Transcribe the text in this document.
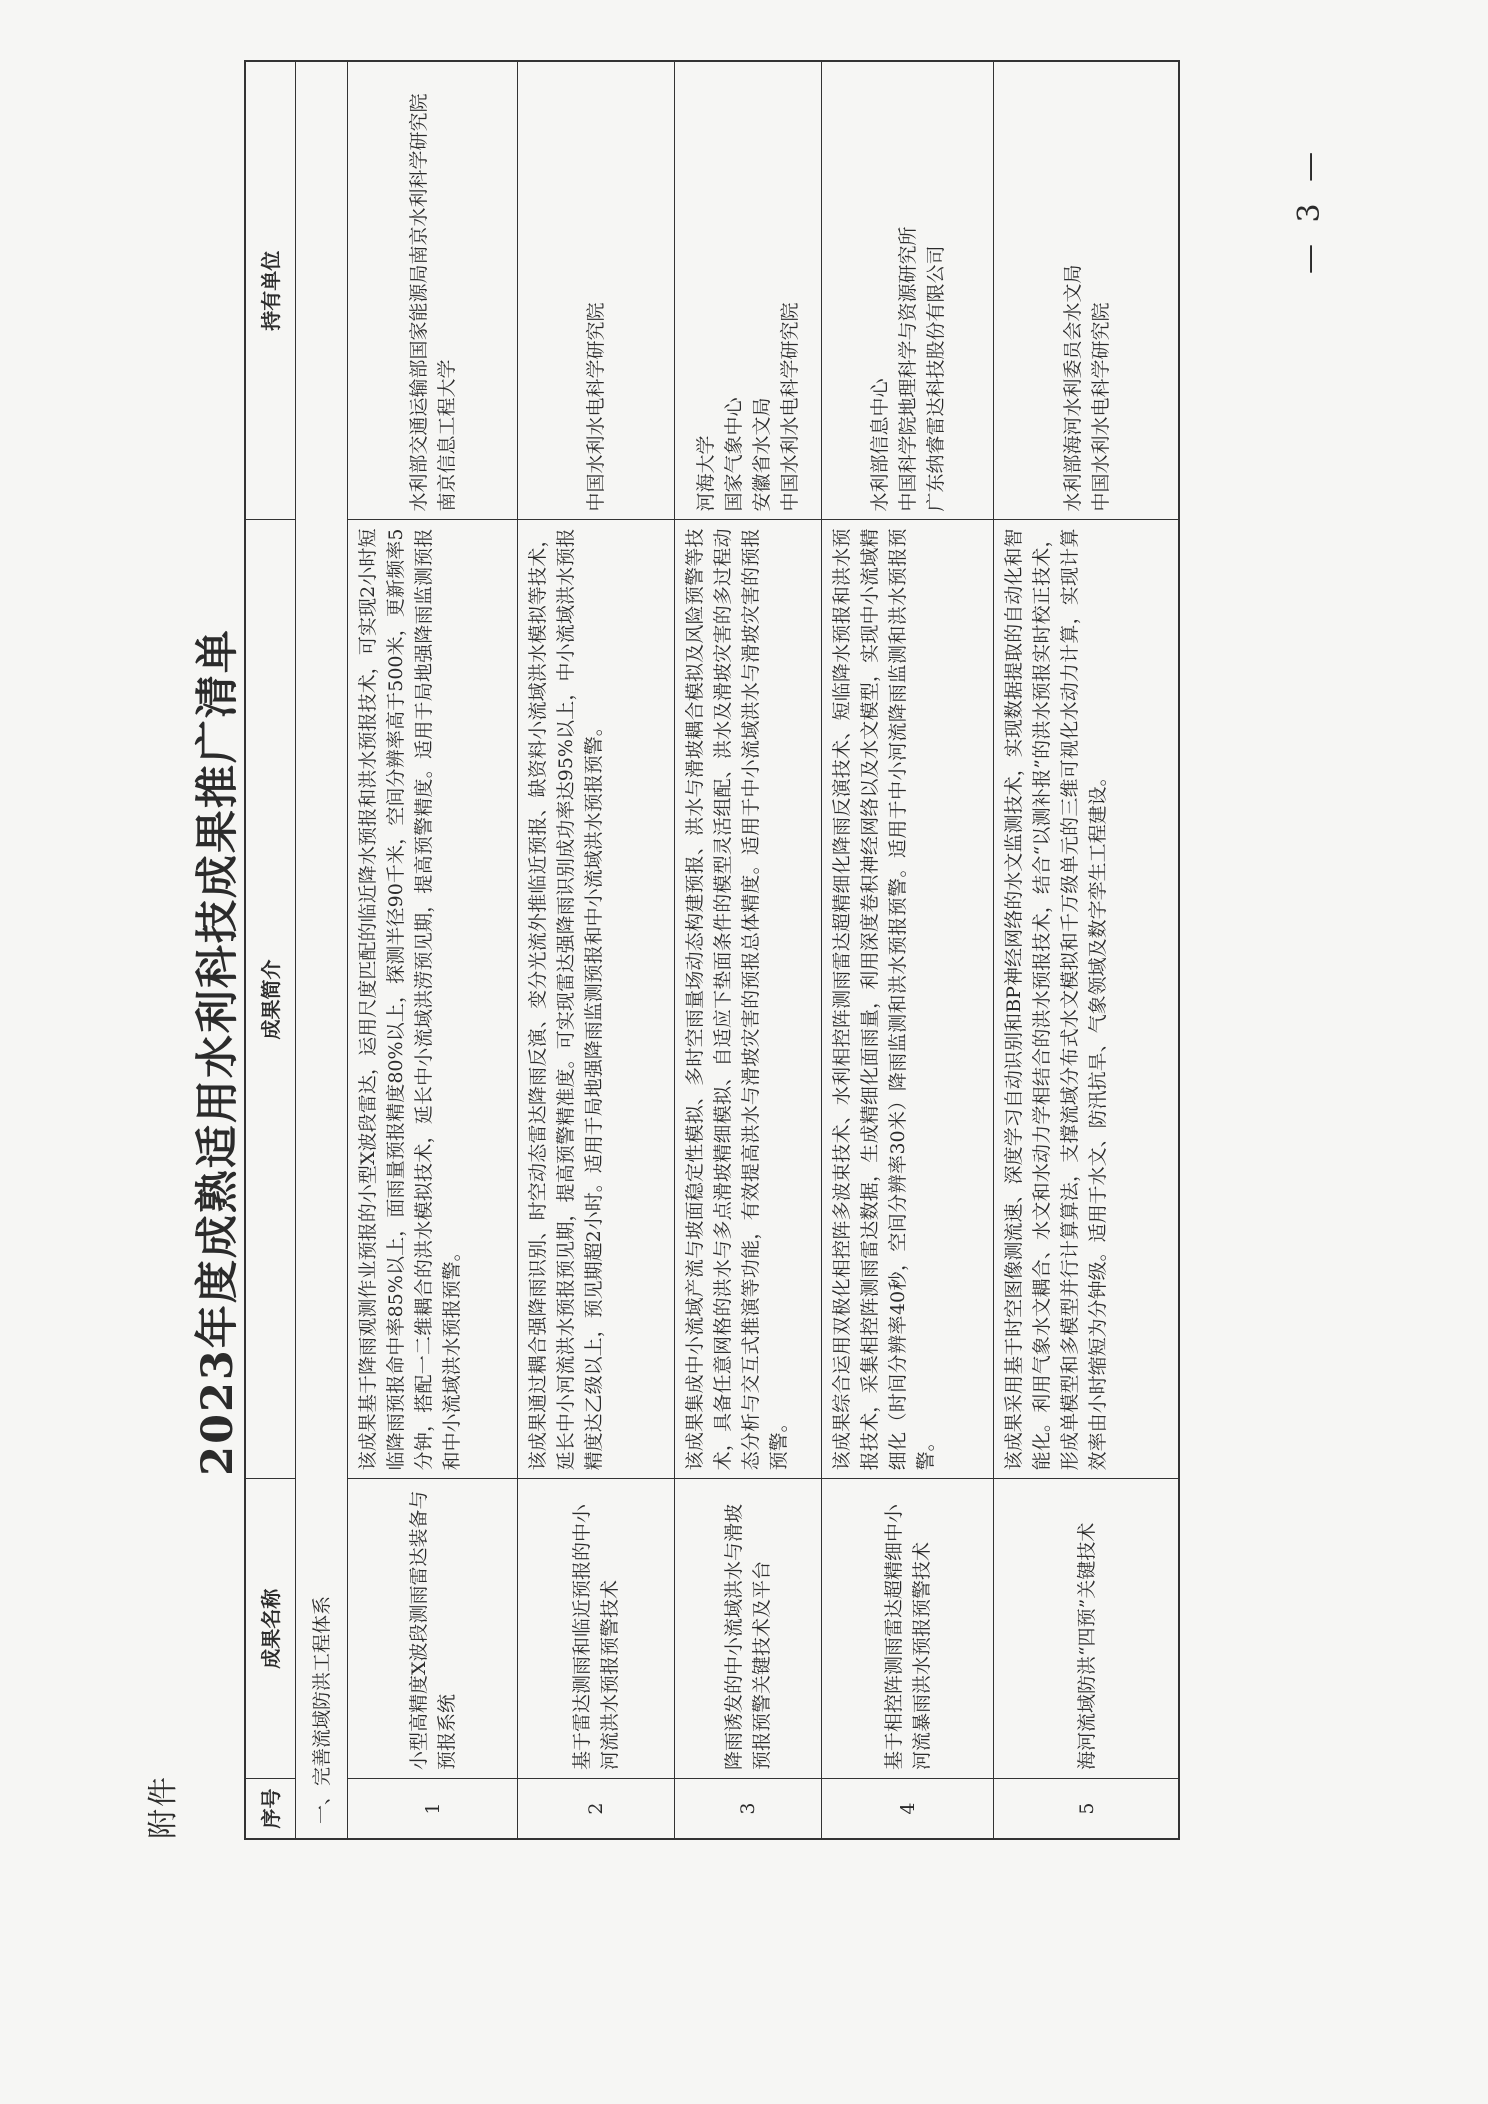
附件
2023年度成熟适用水利科技成果推广清单
序号
成果名称
成果简介
持有单位
一、完善流域防洪工程体系	1
小型高精度X波段测雨雷达装备与预报系统
该成果基于降雨观测作业预报的小型X波段雷达，运用尺度匹配的临近降水预报和洪水预报技术，可实现2小时短临降雨预报命中率85%以上，面雨量预报精度80%以上，探测半径90千米，空间分辨率高于500米，更新频率5分钟，搭配一二维耦合的洪水模拟技术，延长中小流域洪涝预见期，提高预警精度。适用于局地强降雨监测预报和中小流域洪水预报预警。
水利部交通运输部国家能源局南京水利科学研究院
南京信息工程大学
2
基于雷达测雨和临近预报的中小河流洪水预报预警技术
该成果通过耦合强降雨识别、时空动态雷达降雨反演、变分光流外推临近预报、缺资料小流域洪水模拟等技术，延长中小河流洪水预报预见期，提高预警精准度。可实现雷达强降雨识别成功率达95%以上，中小流域洪水预报精度达乙级以上，预见期超2小时。适用于局地强降雨监测预报和中小流域洪水预报预警。
中国水利水电科学研究院
3
降雨诱发的中小流域洪水与滑坡预报预警关键技术及平台
该成果集成中小流域产流与坡面稳定性模拟、多时空雨量场动态构建预报、洪水与滑坡耦合模拟及风险预警等技术，具备任意网格的洪水与多点滑坡精细模拟、自适应下垫面条件的模型灵活组配、洪水及滑坡灾害的多过程动态分析与交互式推演等功能，有效提高洪水与滑坡灾害的预报总体精度。适用于中小流域洪水与滑坡灾害的预报预警。
河海大学
国家气象中心
安徽省水文局
中国水利水电科学研究院
4
基于相控阵测雨雷达超精细中小河流暴雨洪水预报预警技术
该成果综合运用双极化相控阵多波束技术、水利相控阵测雨雷达超精细化降雨反演技术、短临降水预报和洪水预报技术，采集相控阵测雨雷达数据，生成精细化面雨量，利用深度卷积神经网络以及水文模型，实现中小流域精细化（时间分辨率40秒，空间分辨率30米）降雨监测和洪水预报预警。适用于中小河流降雨监测和洪水预报预警。
水利部信息中心
中国科学院地理科学与资源研究所
广东纳睿雷达科技股份有限公司
5
海河流域防洪“四预”关键技术
该成果采用基于时空图像测流速、深度学习自动识别和BP神经网络的水文监测技术，实现数据提取的自动化和智能化。利用气象水文耦合、水文和水动力学相结合的洪水预报技术，结合“以测补报”的洪水预报实时校正技术，形成单模型和多模型并行计算算法，支撑流域分布式水文模拟和千万级单元的三维可视化水动力计算，实现计算效率由小时缩短为分钟级。适用于水文、防汛抗旱、气象领域及数字孪生工程建设。
水利部海河水利委员会水文局
中国水利水电科学研究院
— 3 —
